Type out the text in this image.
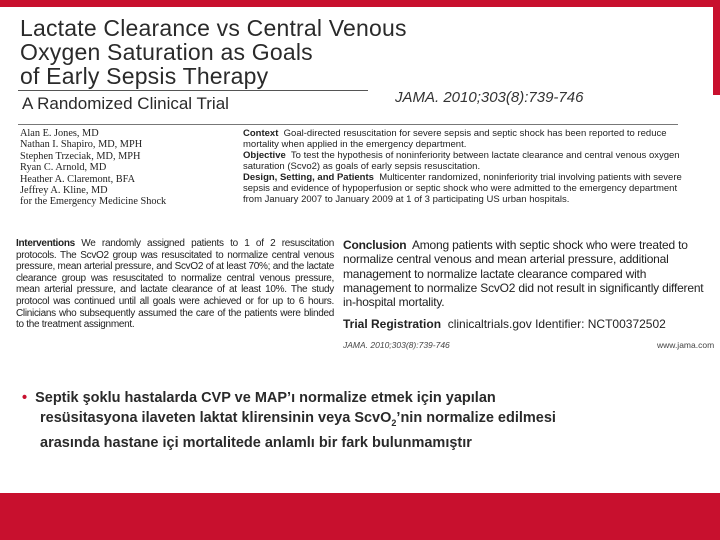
Lactate Clearance vs Central Venous
Oxygen Saturation as Goals
of Early Sepsis Therapy
A Randomized Clinical Trial	JAMA. 2010;303(8):739-746
Alan E. Jones, MD
Nathan I. Shapiro, MD, MPH
Stephen Trzeciak, MD, MPH
Ryan C. Arnold, MD
Heather A. Claremont, BFA
Jeffrey A. Kline, MD
for the Emergency Medicine Shock

Context Goal-directed resuscitation for severe sepsis and septic shock has been reported to reduce mortality when applied in the emergency department.

Objective To test the hypothesis of noninferiority between lactate clearance and central venous oxygen saturation (Scvo2) as goals of early sepsis resuscitation.

Design, Setting, and Patients Multicenter randomized, noninferiority trial involving patients with severe sepsis and evidence of hypoperfusion or septic shock who were admitted to the emergency department from January 2007 to January 2009 at 1 of 3 participating US urban hospitals.

Interventions We randomly assigned patients to 1 of 2 resuscitation protocols. The ScvO2 group was resuscitated to normalize central venous pressure, mean arterial pressure, and ScvO2 of at least 70%; and the lactate clearance group was resuscitated to normalize central venous pressure, mean arterial pressure, and lactate clearance of at least 10%. The study protocol was continued until all goals were achieved or for up to 6 hours. Clinicians who subsequently assumed the care of the patients were blinded to the treatment assignment.
Conclusion Among patients with septic shock who were treated to normalize central venous and mean arterial pressure, additional management to normalize lactate clearance compared with management to normalize ScvO2 did not result in significantly different in-hospital mortality.
Trial Registration clinicaltrials.gov Identifier: NCT00372502
JAMA. 2010;303(8):739-746	www.jama.com
• Septik şoklu hastalarda CVP ve MAP’ı normalize etmek için yapılan
resüsitasyona ilaveten laktat klirensinin veya ScvO$_2$’nin normalize edilmesi
arasında hastane içi mortalitede anlamlı bir fark bulunmamıştır
